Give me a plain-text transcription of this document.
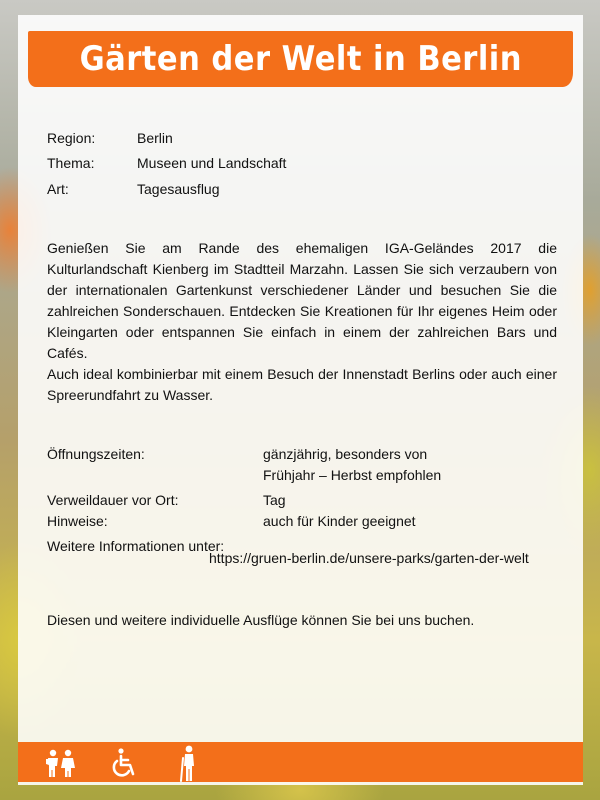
Gärten der Welt in Berlin
Region:	Berlin
Thema:	Museen und Landschaft
Art:	Tagesausflug

Genießen Sie am Rande des ehemaligen IGA-Geländes 2017 die Kulturlandschaft Kienberg im Stadtteil Marzahn. Lassen Sie sich verzaubern von der internationalen Gartenkunst verschiedener Länder und besuchen Sie die zahlreichen Sonderschauen. Entdecken Sie Kreationen für Ihr eigenes Heim oder Kleingarten oder entspannen Sie einfach in einem der zahlreichen Bars und Cafés.

Auch ideal kombinierbar mit einem Besuch der Innenstadt Berlins oder auch einer Spreerundfahrt zu Wasser.

Öffnungszeiten:	gänzjährig, besonders von
Frühjahr – Herbst empfohlen
Verweildauer vor Ort:	Tag
Hinweise:	auch für Kinder geeignet
Weitere Informationen unter:
https://gruen-berlin.de/unsere-parks/garten-der-welt
Diesen und weitere individuelle Ausflüge können Sie bei uns buchen.
